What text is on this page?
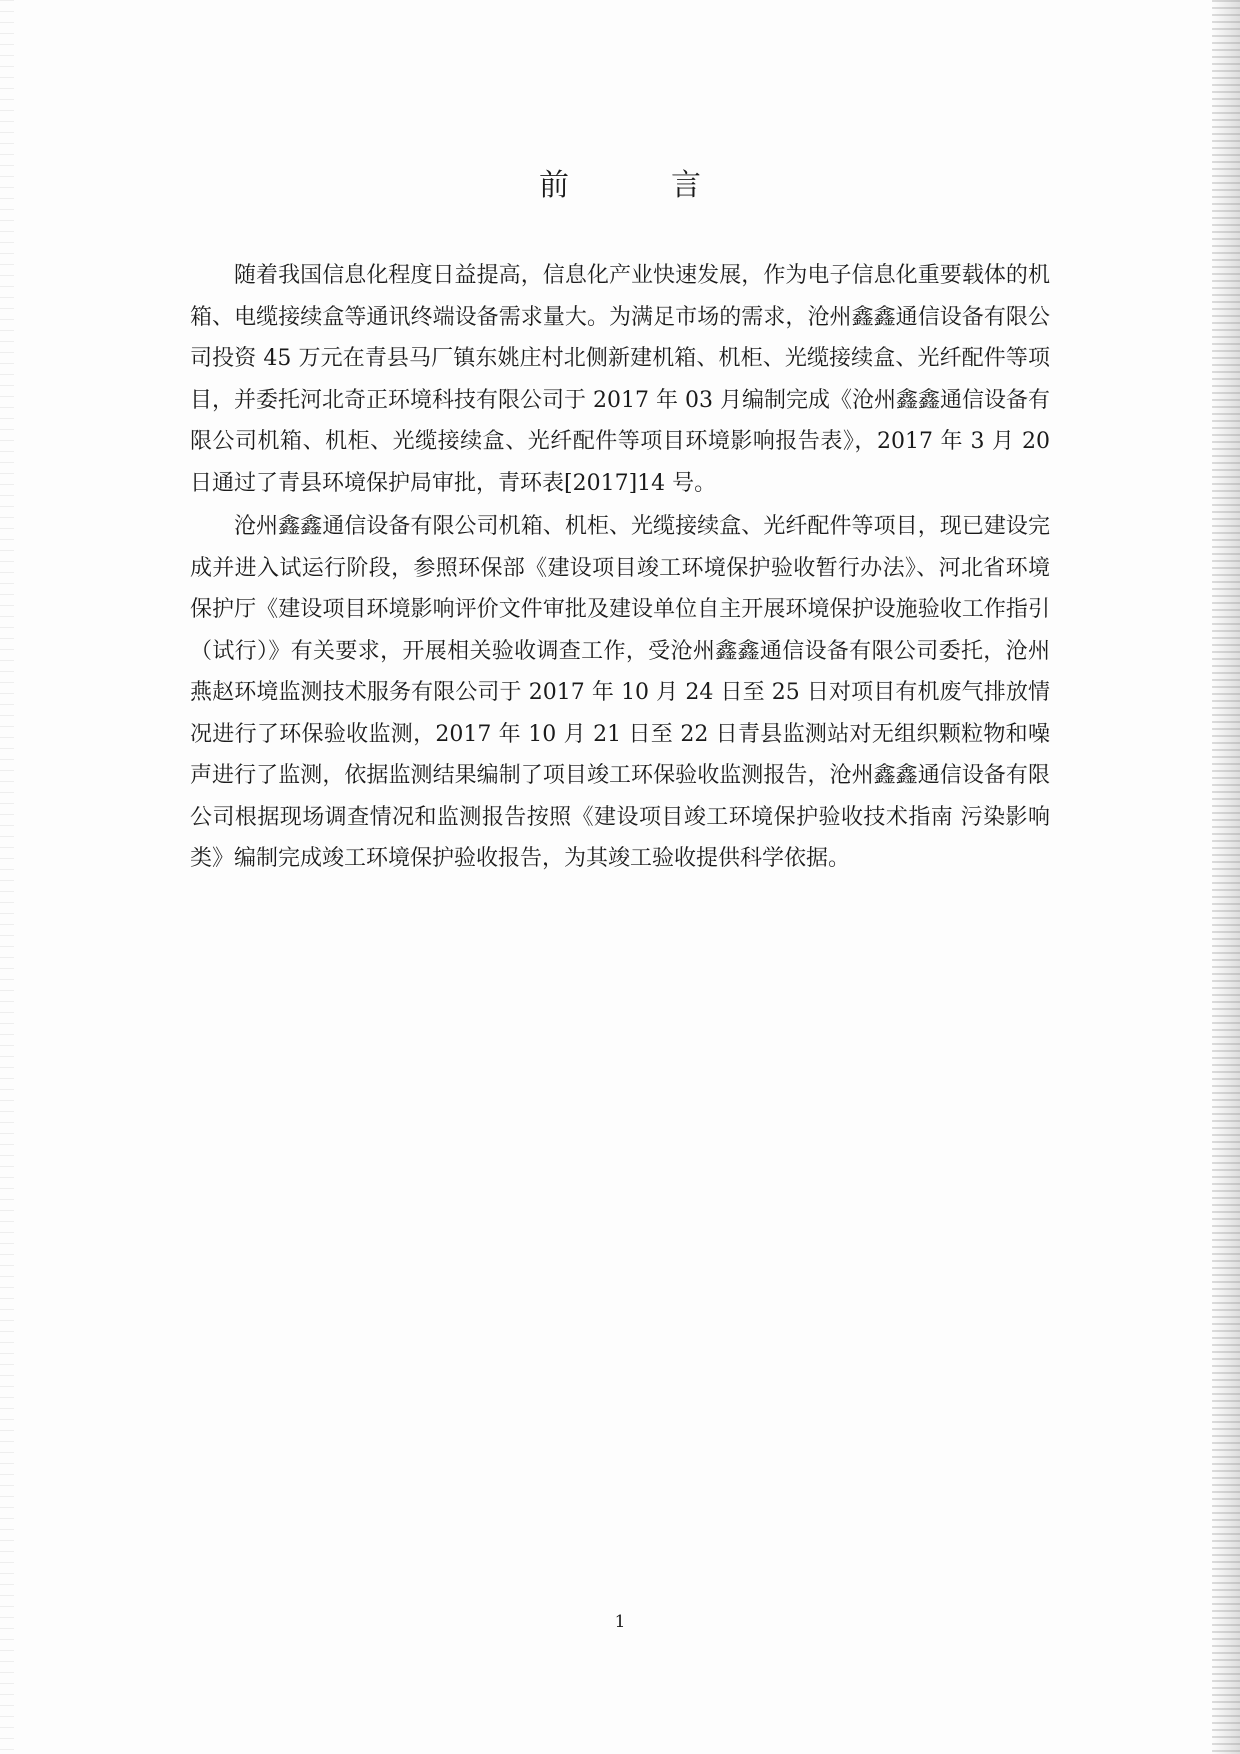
前　言

随着我国信息化程度日益提高，信息化产业快速发展，作为电子信息化重要载体的机箱、电缆接续盒等通讯终端设备需求量大。为满足市场的需求，沧州鑫鑫通信设备有限公司投资 45 万元在青县马厂镇东姚庄村北侧新建机箱、机柜、光缆接续盒、光纤配件等项目，并委托河北奇正环境科技有限公司于 2017 年 03 月编制完成《沧州鑫鑫通信设备有限公司机箱、机柜、光缆接续盒、光纤配件等项目环境影响报告表》，2017 年 3 月 20 日通过了青县环境保护局审批，青环表[2017]14 号。

沧州鑫鑫通信设备有限公司机箱、机柜、光缆接续盒、光纤配件等项目，现已建设完成并进入试运行阶段，参照环保部《建设项目竣工环境保护验收暂行办法》、河北省环境保护厅《建设项目环境影响评价文件审批及建设单位自主开展环境保护设施验收工作指引（试行）》有关要求，开展相关验收调查工作，受沧州鑫鑫通信设备有限公司委托，沧州燕赵环境监测技术服务有限公司于 2017 年 10 月 24 日至 25 日对项目有机废气排放情况进行了环保验收监测，2017 年 10 月 21 日至 22 日青县监测站对无组织颗粒物和噪声进行了监测，依据监测结果编制了项目竣工环保验收监测报告，沧州鑫鑫通信设备有限公司根据现场调查情况和监测报告按照《建设项目竣工环境保护验收技术指南 污染影响类》编制完成竣工环境保护验收报告，为其竣工验收提供科学依据。

1
